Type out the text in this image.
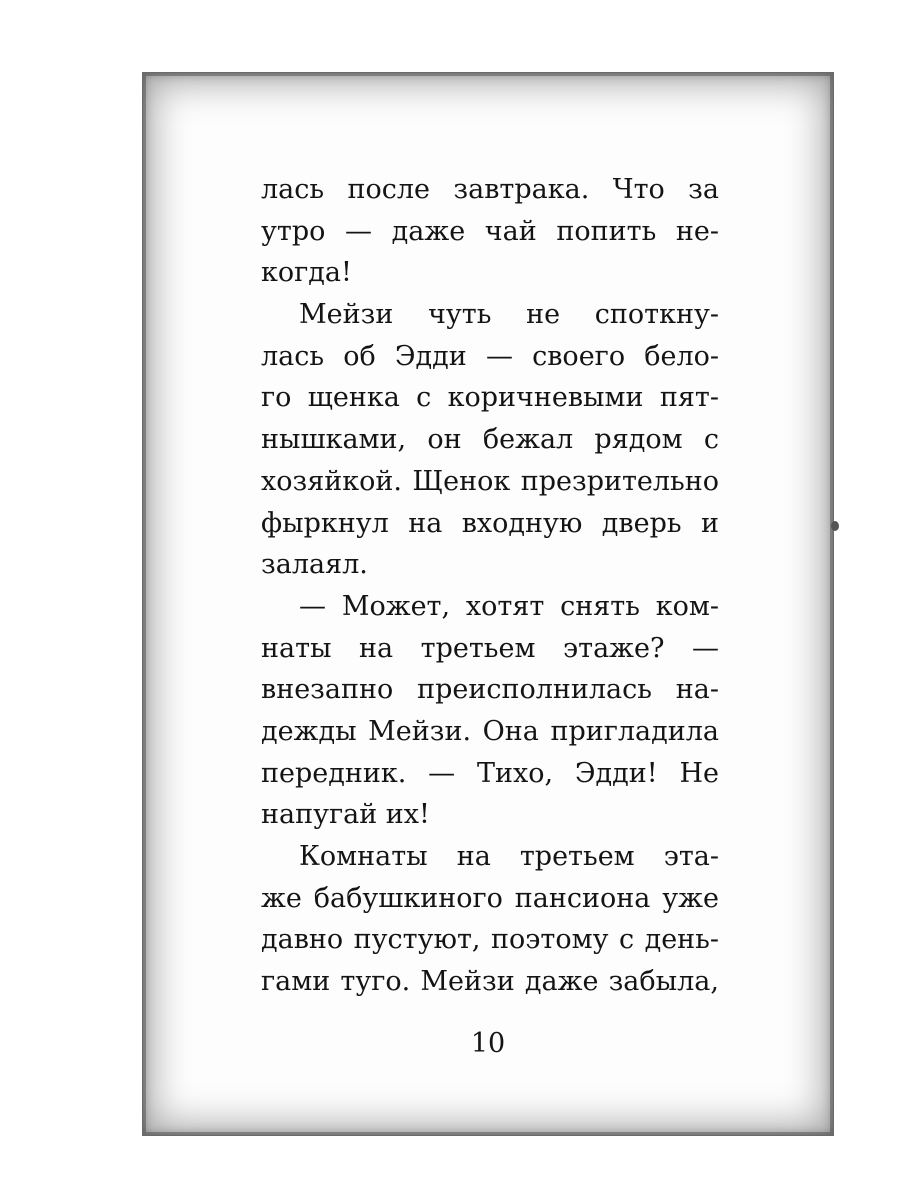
лась после завтрака. Что за
утро — даже чай попить не-
когда!
Мейзи чуть не споткну-
лась об Эдди — своего бело-
го щенка с коричневыми пят-
нышками, он бежал рядом с
хозяйкой. Щенок презрительно
фыркнул на входную дверь и
залаял.
— Может, хотят снять ком-
наты на третьем этаже? —
внезапно преисполнилась на-
дежды Мейзи. Она пригладила
передник. — Тихо, Эдди! Не
напугай их!
Комнаты на третьем эта-
же бабушкиного пансиона уже
давно пустуют, поэтому с день-
гами туго. Мейзи даже забыла,
10
